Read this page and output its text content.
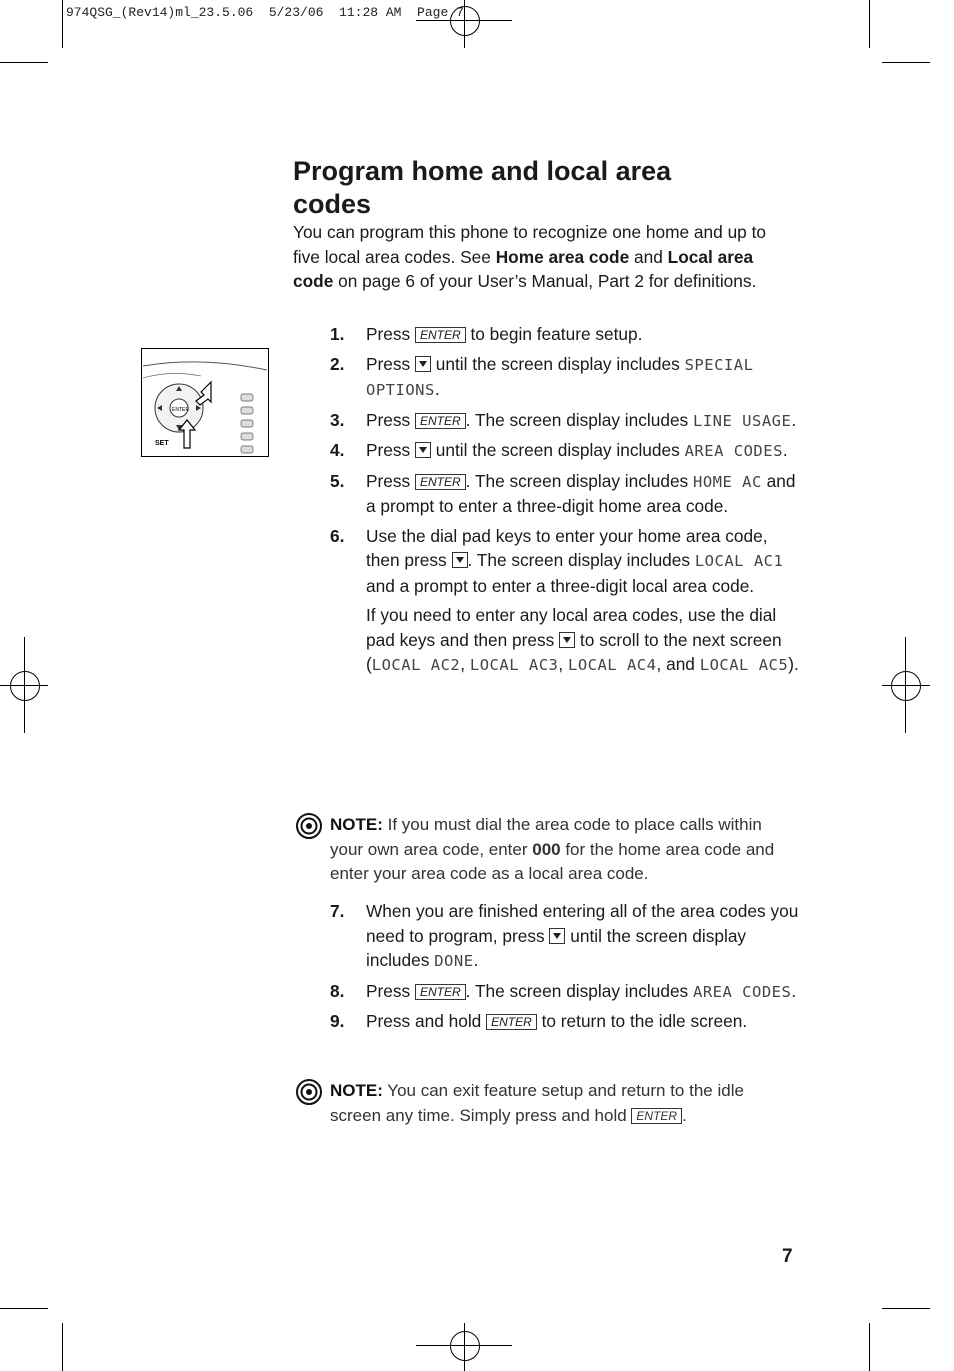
974QSG_(Rev14)ml_23.5.06  5/23/06  11:28 AM  Page 7
Program home and local area codes

You can program this phone to recognize one home and up to five local area codes. See Home area code and Local area code on page 6 of your User’s Manual, Part 2 for definitions.

ENTER
SET
1. Press ENTER to begin feature setup.
2. Press  until the screen display includes SPECIAL OPTIONS.
3. Press ENTER . The screen display includes LINE USAGE.
4. Press  until the screen display includes AREA CODES.
5. Press ENTER . The screen display includes HOME AC and a prompt to enter a three-digit home area code.
6. Use the dial pad keys to enter your home area code, then press . The screen display includes LOCAL AC1 and a prompt to enter a three-digit local area code.
If you need to enter any local area codes, use the dial pad keys and then press  to scroll to the next screen (LOCAL AC2, LOCAL AC3, LOCAL AC4, and LOCAL AC5).
NOTE: If you must dial the area code to place calls within your own area code, enter 000 for the home area code and enter your area code as a local area code.
7. When you are finished entering all of the area codes you need to program, press  until the screen display includes DONE.
8. Press ENTER . The screen display includes AREA CODES.
9. Press and hold ENTER to return to the idle screen.
NOTE: You can exit feature setup and return to the idle screen any time. Simply press and hold ENTER .
7
